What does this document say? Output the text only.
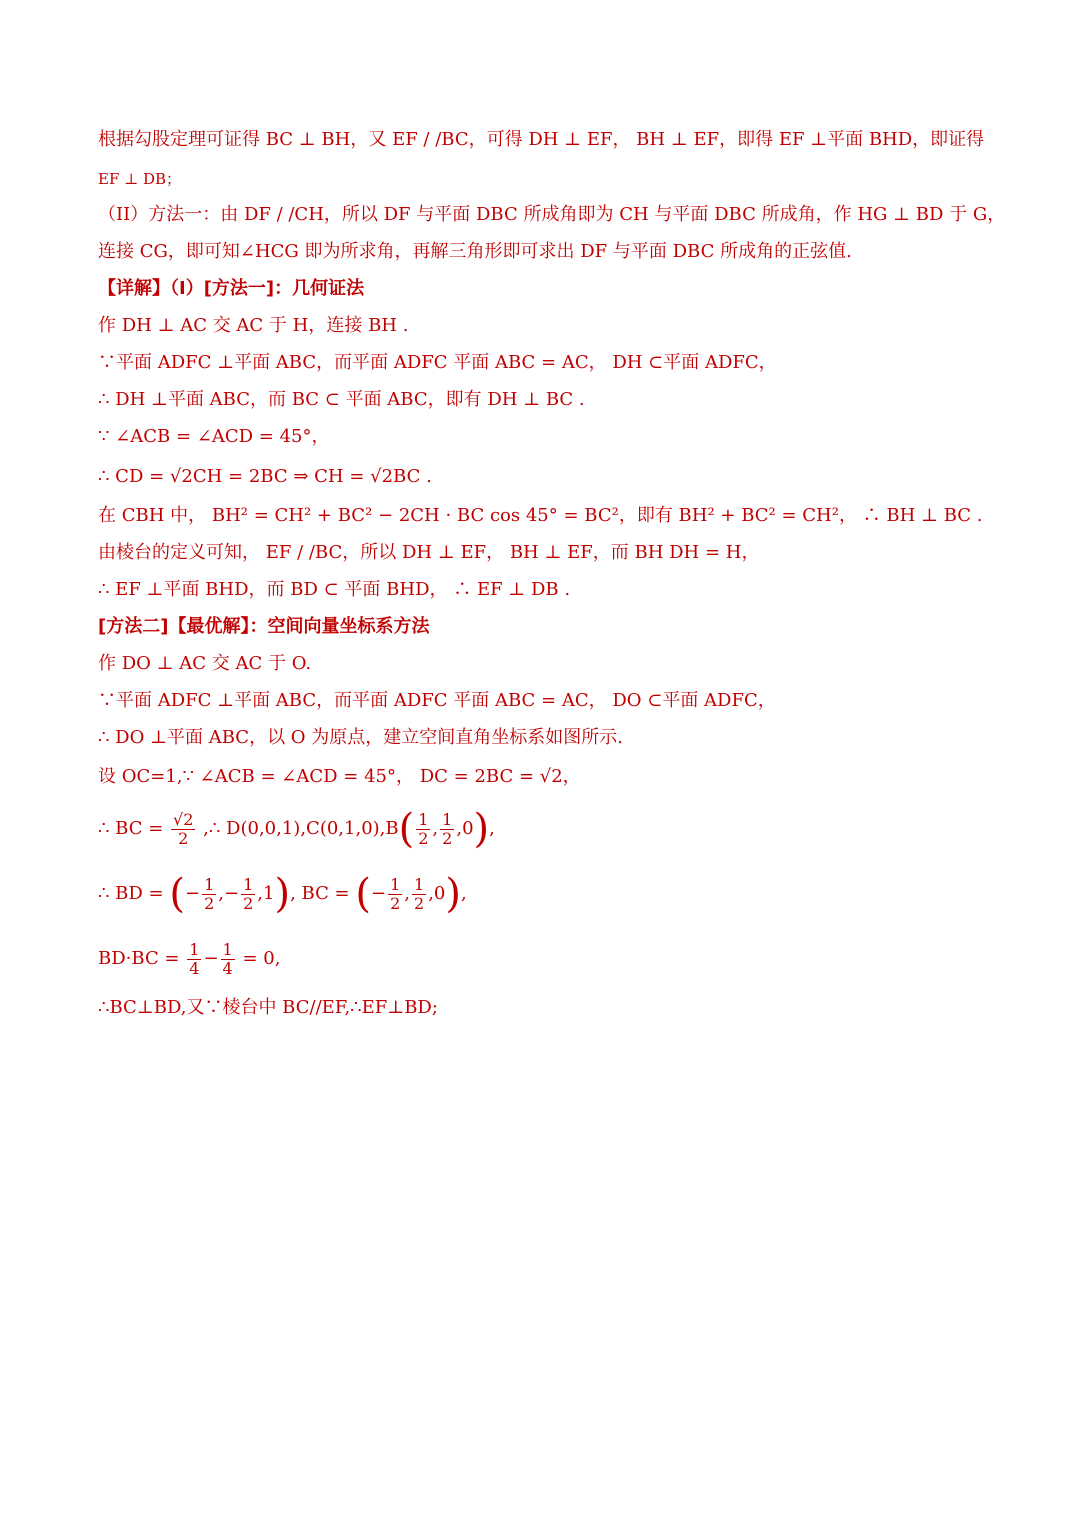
根据勾股定理可证得 BC ⊥ BH，又 EF / /BC，可得 DH ⊥ EF， BH ⊥ EF，即得 EF ⊥平面 BHD，即证得
EF ⊥ DB；
（II）方法一：由 DF / /CH，所以 DF 与平面 DBC 所成角即为 CH 与平面 DBC 所成角，作 HG ⊥ BD 于 G，
连接 CG，即可知∠HCG 即为所求角，再解三角形即可求出 DF 与平面 DBC 所成角的正弦值.
【详解】（Ⅰ）[方法一]：几何证法
作 DH ⊥ AC 交 AC 于 H，连接 BH .
∵平面 ADFC ⊥平面 ABC，而平面 ADFC 平面 ABC = AC， DH ⊂平面 ADFC，
∴ DH ⊥平面 ABC，而 BC ⊂ 平面 ABC，即有 DH ⊥ BC .
∵ ∠ACB = ∠ACD = 45°，
∴ CD = √2CH = 2BC ⇒ CH = √2BC .
在 CBH 中， BH² = CH² + BC² − 2CH · BC cos 45° = BC²，即有 BH² + BC² = CH²， ∴ BH ⊥ BC .
由棱台的定义可知， EF / /BC，所以 DH ⊥ EF， BH ⊥ EF，而 BH DH = H，
∴ EF ⊥平面 BHD，而 BD ⊂ 平面 BHD， ∴ EF ⊥ DB .
[方法二]【最优解】：空间向量坐标系方法
作 DO ⊥ AC 交 AC 于 O.
∵平面 ADFC ⊥平面 ABC，而平面 ADFC 平面 ABC = AC， DO ⊂平面 ADFC，
∴ DO ⊥平面 ABC，以 O 为原点，建立空间直角坐标系如图所示.
设 OC=1,∵ ∠ACB = ∠ACD = 45°， DC = 2BC = √2，
∴ BC = $\frac{√2}{2}$ ,∴ $D(0,0,1),C(0,1,0),B( \frac{1}{2}$ , $\frac{1}{2} ,0$),
∴ BD = (− $\frac{1}{2}$ ,− $\frac{1}{2} ,1$), BC = (− $\frac{1}{2}$ , $\frac{1}{2} ,0$),
$BD\cdot BC = \frac{1}{4} - \frac{1}{4} = 0$,
∴BC⊥BD,又∵棱台中 BC//EF,∴EF⊥BD;
